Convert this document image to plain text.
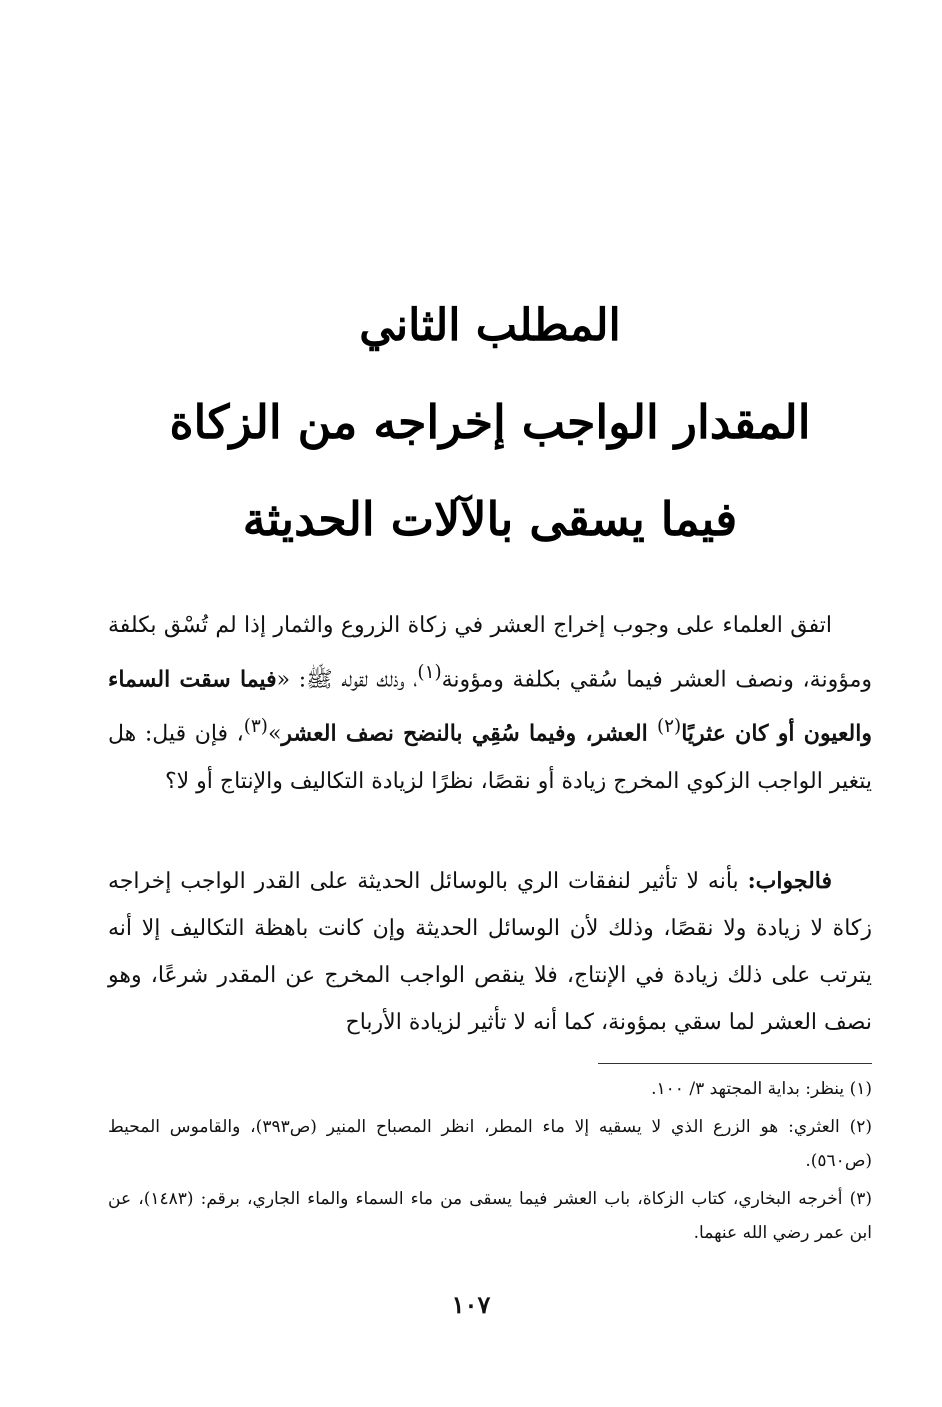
المطلب الثاني
المقدار الواجب إخراجه من الزكاة
فيما يسقى بالآلات الحديثة

اتفق العلماء على وجوب إخراج العشر في زكاة الزروع والثمار إذا لم تُسْق بكلفة ومؤونة، ونصف العشر فيما سُقي بكلفة ومؤونة$^{(١)}$، وذلك لقوله ﷺ: «فيما سقت السماء والعيون أو كان عثريًا$^{(٢)}$ العشر، وفيما سُقِي بالنضح نصف العشر»$^{(٣)}$، فإن قيل: هل يتغير الواجب الزكوي المخرج زيادة أو نقصًا، نظرًا لزيادة التكاليف والإنتاج أو لا؟

فالجواب: بأنه لا تأثير لنفقات الري بالوسائل الحديثة على القدر الواجب إخراجه زكاة لا زيادة ولا نقصًا، وذلك لأن الوسائل الحديثة وإن كانت باهظة التكاليف إلا أنه يترتب على ذلك زيادة في الإنتاج، فلا ينقص الواجب المخرج عن المقدر شرعًا، وهو نصف العشر لما سقي بمؤونة، كما أنه لا تأثير لزيادة الأرباح

(١) ينظر: بداية المجتهد ٣/ ١٠٠.

(٢) العثري: هو الزرع الذي لا يسقيه إلا ماء المطر، انظر المصباح المنير (ص٣٩٣)، والقاموس المحيط (ص٥٦٠).

(٣) أخرجه البخاري، كتاب الزكاة، باب العشر فيما يسقى من ماء السماء والماء الجاري، برقم: (١٤٨٣)، عن ابن عمر رضي الله عنهما.

١٠٧
